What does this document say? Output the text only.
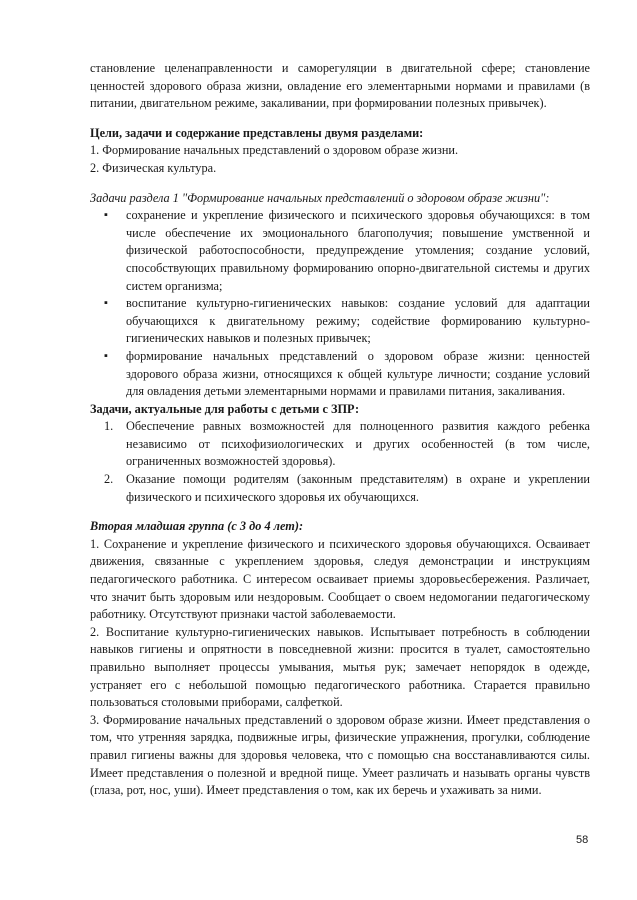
становление целенаправленности и саморегуляции в двигательной сфере; становление ценностей здорового образа жизни, овладение его элементарными нормами и правилами (в питании, двигательном режиме, закаливании, при формировании полезных привычек).

Цели, задачи и содержание представлены двумя разделами:

1. Формирование начальных представлений о здоровом образе жизни.

2. Физическая культура.

Задачи раздела 1 "Формирование начальных представлений о здоровом образе жизни":

▪ сохранение и укрепление физического и психического здоровья обучающихся: в том числе обеспечение их эмоционального благополучия; повышение умственной и физической работоспособности, предупреждение утомления; создание условий, способствующих правильному формированию опорно-двигательной системы и других систем организма;
▪ воспитание культурно-гигиенических навыков: создание условий для адаптации обучающихся к двигательному режиму; содействие формированию культурно-гигиенических навыков и полезных привычек;
▪ формирование начальных представлений о здоровом образе жизни: ценностей здорового образа жизни, относящихся к общей культуре личности; создание условий для овладения детьми элементарными нормами и правилами питания, закаливания.

Задачи, актуальные для работы с детьми с ЗПР:

1. Обеспечение равных возможностей для полноценного развития каждого ребенка независимо от психофизиологических и других особенностей (в том числе, ограниченных возможностей здоровья).
2. Оказание помощи родителям (законным представителям) в охране и укреплении физического и психического здоровья их обучающихся.

Вторая младшая группа (с 3 до 4 лет):

1. Сохранение и укрепление физического и психического здоровья обучающихся. Осваивает движения, связанные с укреплением здоровья, следуя демонстрации и инструкциям педагогического работника. С интересом осваивает приемы здоровьесбережения. Различает, что значит быть здоровым или нездоровым. Сообщает о своем недомогании педагогическому работнику. Отсутствуют признаки частой заболеваемости.

2. Воспитание культурно-гигиенических навыков. Испытывает потребность в соблюдении навыков гигиены и опрятности в повседневной жизни: просится в туалет, самостоятельно правильно выполняет процессы умывания, мытья рук; замечает непорядок в одежде, устраняет его с небольшой помощью педагогического работника. Старается правильно пользоваться столовыми приборами, салфеткой.

3. Формирование начальных представлений о здоровом образе жизни. Имеет представления о том, что утренняя зарядка, подвижные игры, физические упражнения, прогулки, соблюдение правил гигиены важны для здоровья человека, что с помощью сна восстанавливаются силы. Имеет представления о полезной и вредной пище. Умеет различать и называть органы чувств (глаза, рот, нос, уши). Имеет представления о том, как их беречь и ухаживать за ними.

58
